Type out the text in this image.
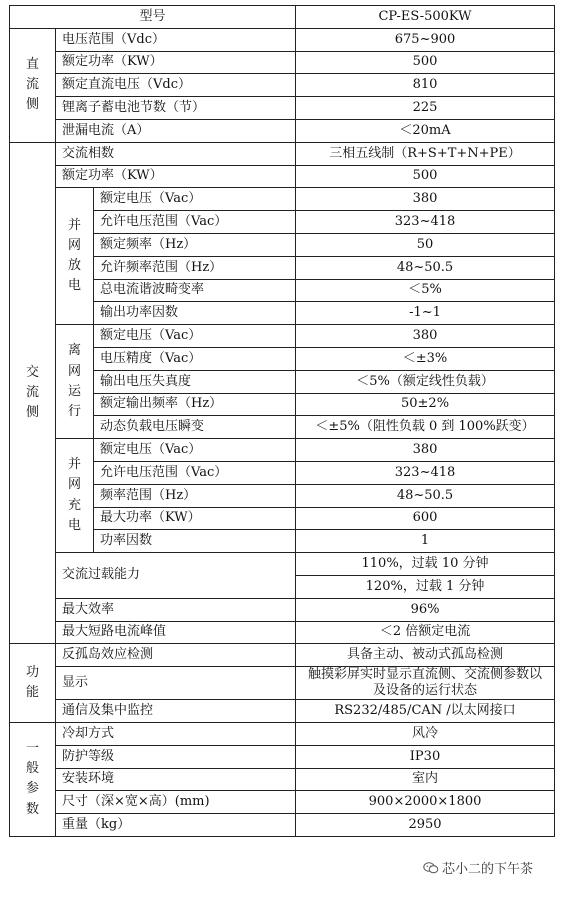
型号			CP-ES-500KW
直流侧	电压范围（Vdc）		675~900
	额定功率（KW）		500
	额定直流电压（Vdc）		810
	锂离子蓄电池节数（节）		225
	泄漏电流（A）		＜20mA
交流侧	交流相数		三相五线制（R+S+T+N+PE）
	额定功率（KW）		500
	并网放电	额定电压（Vac）	380
		允许电压范围（Vac）	323~418
		额定频率（Hz）	50
		允许频率范围（Hz）	48~50.5
		总电流谐波畸变率	＜5%
		输出功率因数	-1~1
	离网运行	额定电压（Vac）	380
		电压精度（Vac）	＜±3%
		输出电压失真度	＜5%（额定线性负载）
		额定输出频率（Hz）	50±2%
		动态负载电压瞬变	＜±5%（阻性负载 0 到 100%跃变）
	并网充电	额定电压（Vac）	380
		允许电压范围（Vac）	323~418
		频率范围（Hz）	48~50.5
		最大功率（KW）	600
		功率因数	1
	交流过载能力		110%，过载 10 分钟
			120%，过载 1 分钟
	最大效率		96%
	最大短路电流峰值		＜2 倍额定电流
功能	反孤岛效应检测		具备主动、被动式孤岛检测
	显示		触摸彩屏实时显示直流侧、交流侧参数以及设备的运行状态
	通信及集中监控		RS232/485/CAN /以太网接口
一般参数	冷却方式		风冷
	防护等级		IP30
	安装环境		室内
	尺寸（深×宽×高）(mm)		900×2000×1800
	重量（kg）		2950
芯小二的下午茶
